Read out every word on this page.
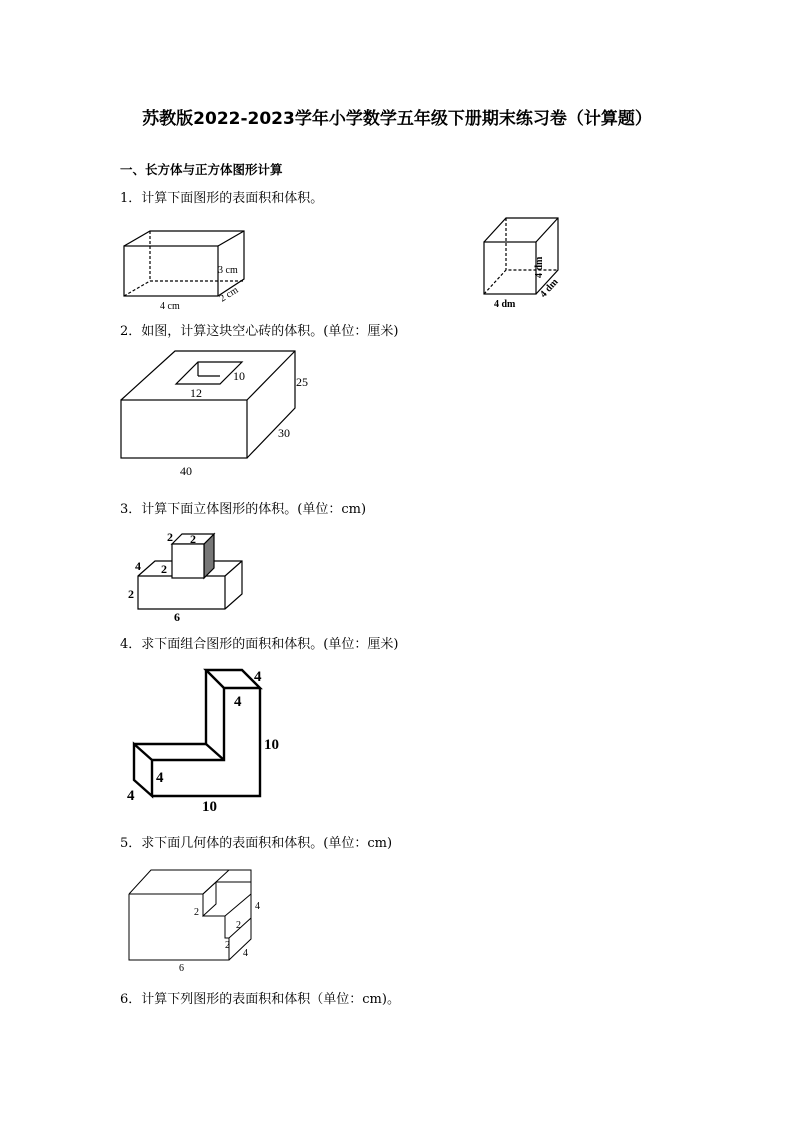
苏教版2022-2023学年小学数学五年级下册期末练习卷（计算题）
一、长方体与正方体图形计算
1．计算下面图形的表面积和体积。
3 cm
2 cm
4 cm
4 dm
4 dm
4 dm
2．如图，计算这块空心砖的体积。(单位：厘米)
12
10	25
30
40
3．计算下面立体图形的体积。(单位：cm)
2 2
2
4
2
6
4．求下面组合图形的面积和体积。(单位：厘米)
4
4
10
4
4
10
5．求下面几何体的表面积和体积。(单位：cm)
2
2
4
2
4
6
6．计算下列图形的表面积和体积（单位：cm)。
